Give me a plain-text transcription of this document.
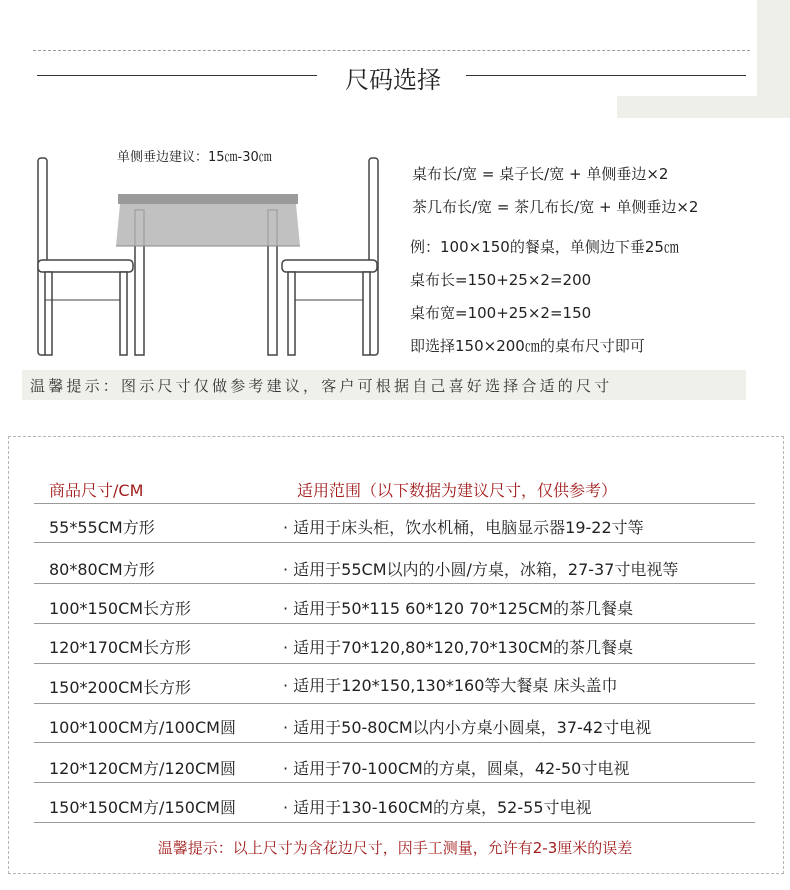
尺码选择
单侧垂边建议：15㎝-30㎝
桌布长/宽 = 桌子长/宽 + 单侧垂边×2
茶几布长/宽 = 茶几布长/宽 + 单侧垂边×2
例：100×150的餐桌，单侧边下垂25㎝
桌布长=150+25×2=200
桌布宽=100+25×2=150
即选择150×200㎝的桌布尺寸即可
温馨提示：图示尺寸仅做参考建议，客户可根据自己喜好选择合适的尺寸
商品尺寸/CM	适用范围（以下数据为建议尺寸，仅供参考）
55*55CM方形	· 适用于床头柜，饮水机桶，电脑显示器19-22寸等
80*80CM方形	· 适用于55CM以内的小圆/方桌，冰箱，27-37寸电视等
100*150CM长方形	· 适用于50*115 60*120 70*125CM的茶几餐桌
120*170CM长方形	· 适用于70*120,80*120,70*130CM的茶几餐桌
150*200CM长方形	· 适用于120*150,130*160等大餐桌 床头盖巾
100*100CM方/100CM圆	· 适用于50-80CM以内小方桌小圆桌，37-42寸电视
120*120CM方/120CM圆	· 适用于70-100CM的方桌，圆桌，42-50寸电视
150*150CM方/150CM圆	· 适用于130-160CM的方桌，52-55寸电视
温馨提示：以上尺寸为含花边尺寸，因手工测量，允许有2-3厘米的误差
